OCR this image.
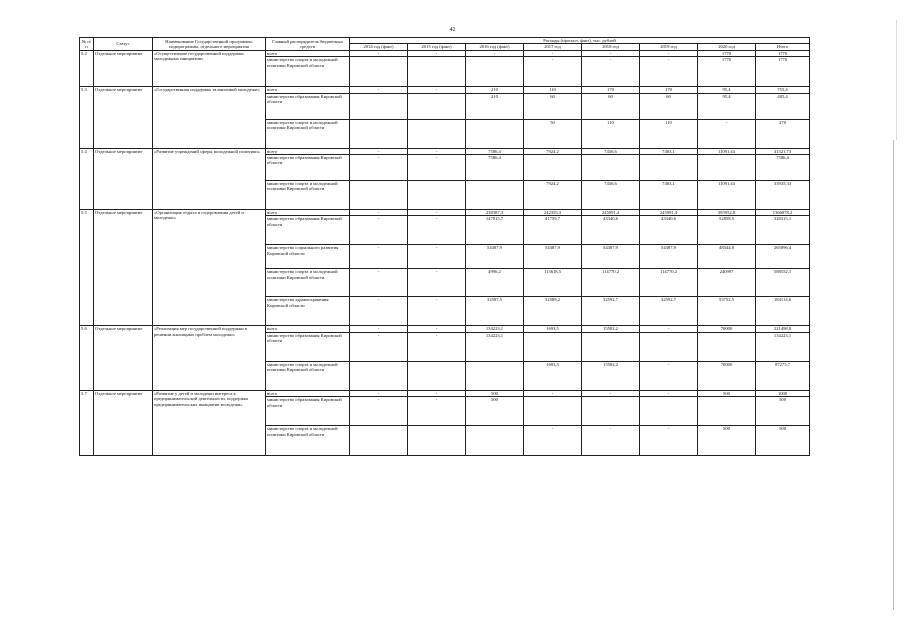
42
№ п/п	Статус	Наименование Государственной программы, подпрограммы, отдельного мероприятия	Главный распорядитель бюджетных средств	Расходы (прогноз, факт), тыс. рублей							
				2014 год (факт)	2015 год (факт)	2016 год (факт)	2017 год	2018 год	2019 год	2020 год	Итого
5.2	Отдельное мероприятие	«Осуществление государственной поддержки молодежных инициатив»	всего	-	-	-	-	-	-	1770	1770
			министерство спорта и молодежной политики Кировской области				-	-	-	1770	1770
5.3	Отдельное мероприятие	«Государственная поддержка талантливой молодежи»	всего	-	-	210	110	170	170	95,4	755,4
			министерство образования Кировской области			210	60	60	60	95,4	485,4
			министерство спорта и молодежной политики Кировской области				50	110	110	-	270
5.4	Отдельное мероприятие	«Развитие учреждений сферы молодежной политики»	всего	-	-	7586,4	7924,2	7436,6	7483,1	11091,43	41521,73
			министерство образования Кировской области	-	-	7586,4					7586,4
			министерство спорта и молодежной политики Кировской области				7924,2	7436,6	7483,1	11091,43	33935,33
5.5	Отдельное мероприятие	«Организация отдыха и оздоровления детей и молодежи»	всего	-	-	238387,3	242355,3	245091,4	245091,4	395952,8	1366878,2
			министерство образования Кировской области	-	-	147015,7	41759,7	43340,6	43340,6	52858,5	328315,1
			министерство социального развития Кировской области	-	-	54387,9	54387,9	54387,9	54387,9	48344,8	265896,4
			министерство спорта и молодежной политики Кировской области	-	-	4996,2	113618,5	114770,2	114770,2	240997	588552,1
			министерство здравоохранения Кировской области	-	-	32587,5	32589,2	32592,7	32592,7	53752,5	184114,6
5.6	Отдельное мероприятие	«Реализация мер государственной поддержки в решении жилищных проблем молодежи»	всего	-	-	134223,1	1693,5	15582,2	-	70000	221498,8
			министерство образования Кировской области	-	-	134223,1					134223,1
			министерство спорта и молодежной политики Кировской области				1693,5	15582,2	-	70000	87275,7
5.7	Отдельное мероприятие	«Развитие у детей и молодежи интереса к предпринимательской деятельности, поддержка предпринимательских инициатив молодежи»	всего	-	-	500	-	-	-	500	1000
			министерство образования Кировской области	-	-	500					500
			министерство спорта и молодежной политики Кировской области				-	-	-	500	500
